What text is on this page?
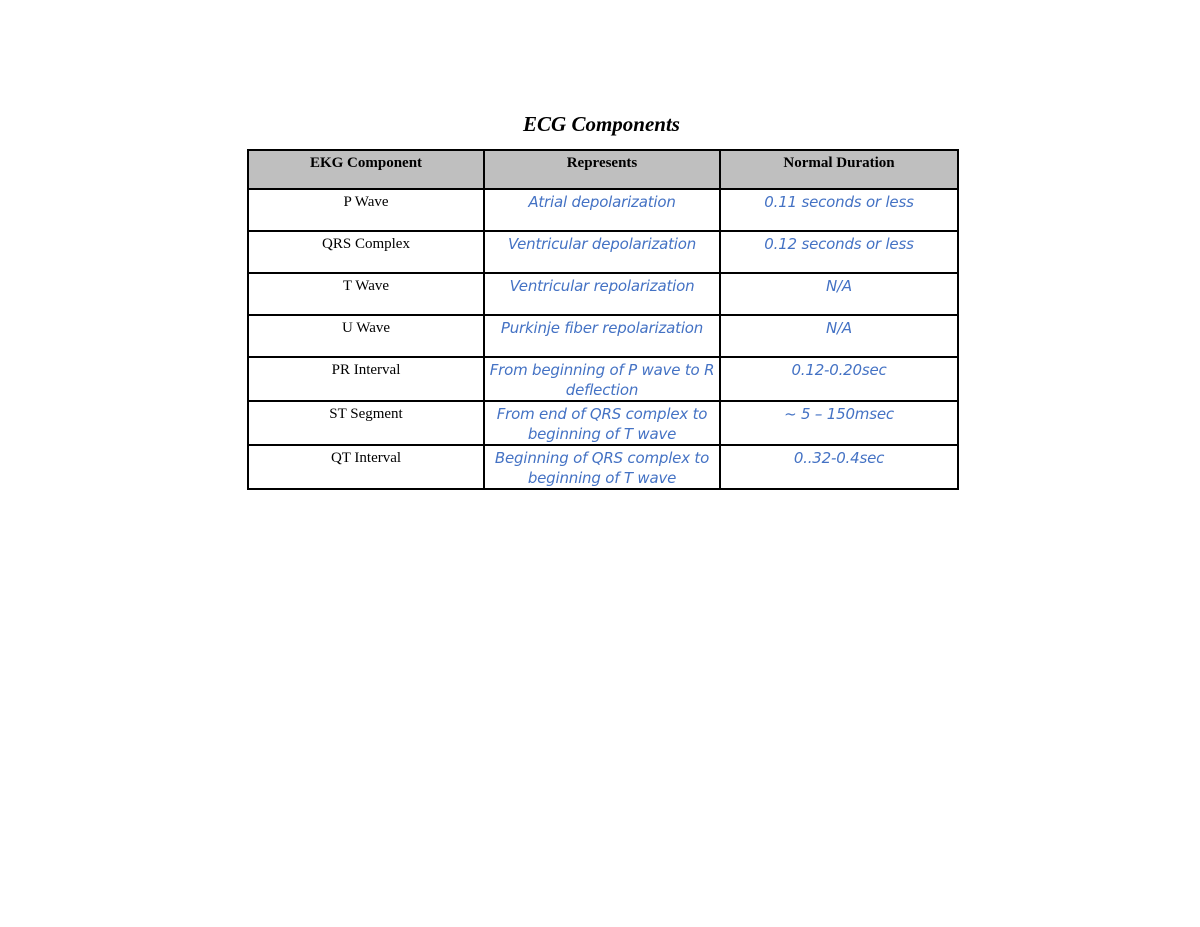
ECG Components
EKG Component	Represents	Normal Duration
P Wave	Atrial depolarization	0.11 seconds or less
QRS Complex	Ventricular depolarization	0.12 seconds or less
T Wave	Ventricular repolarization	N/A
U Wave	Purkinje fiber repolarization	N/A
PR Interval	From beginning of P wave to R deflection	0.12-0.20sec
ST Segment	From end of QRS complex to beginning of T wave	~ 5 – 150msec
QT Interval	Beginning of QRS complex to beginning of T wave	0..32-0.4sec
